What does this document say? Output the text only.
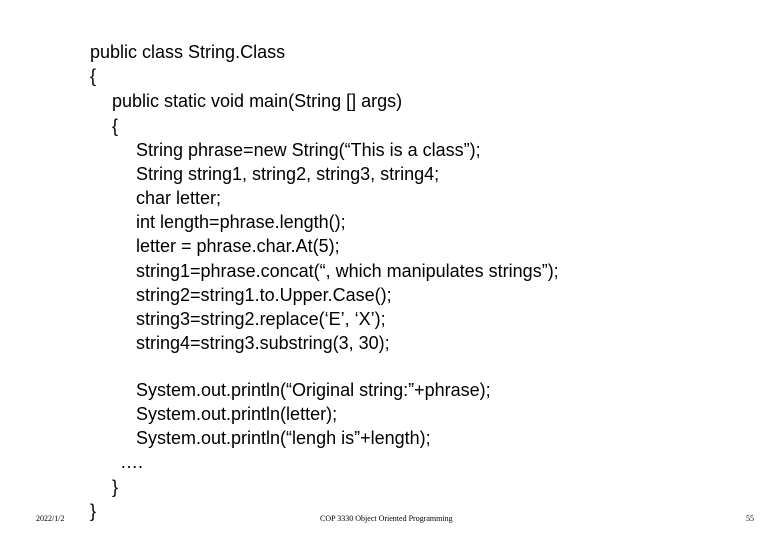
public class String.Class
{
public static void main(String [] args)
{
String phrase=new String(“This is a class”);
String string1, string2, string3, string4;
char letter;
int length=phrase.length();
letter = phrase.char.At(5);
string1=phrase.concat(“, which manipulates strings”);
string2=string1.to.Upper.Case();
string3=string2.replace(‘E’, ‘X’);
string4=string3.substring(3, 30);
System.out.println(“Original string:”+phrase);
System.out.println(letter);
System.out.println(“lengh is”+length);
….
}
}
2022/1/2	COP 3330 Object Oriented Programming	55
